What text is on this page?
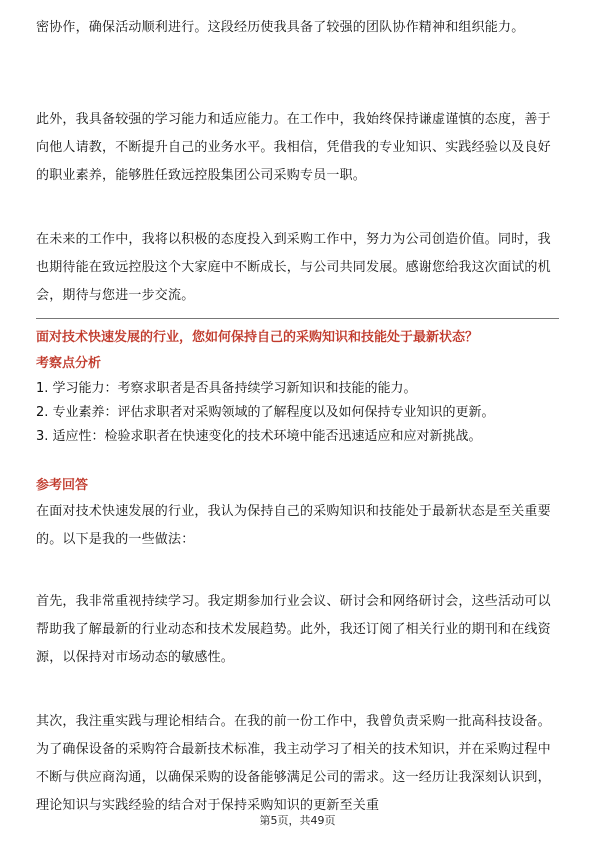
密协作，确保活动顺利进行。这段经历使我具备了较强的团队协作精神和组织能力。

此外，我具备较强的学习能力和适应能力。在工作中，我始终保持谦虚谨慎的态度，善于向他人请教，不断提升自己的业务水平。我相信，凭借我的专业知识、实践经验以及良好的职业素养，能够胜任致远控股集团公司采购专员一职。

在未来的工作中，我将以积极的态度投入到采购工作中，努力为公司创造价值。同时，我也期待能在致远控股这个大家庭中不断成长，与公司共同发展。感谢您给我这次面试的机会，期待与您进一步交流。

面对技术快速发展的行业，您如何保持自己的采购知识和技能处于最新状态？

考察点分析

1. 学习能力：考察求职者是否具备持续学习新知识和技能的能力。
2. 专业素养：评估求职者对采购领域的了解程度以及如何保持专业知识的更新。
3. 适应性：检验求职者在快速变化的技术环境中能否迅速适应和应对新挑战。

参考回答

在面对技术快速发展的行业，我认为保持自己的采购知识和技能处于最新状态是至关重要的。以下是我的一些做法：

首先，我非常重视持续学习。我定期参加行业会议、研讨会和网络研讨会，这些活动可以帮助我了解最新的行业动态和技术发展趋势。此外，我还订阅了相关行业的期刊和在线资源，以保持对市场动态的敏感性。

其次，我注重实践与理论相结合。在我的前一份工作中，我曾负责采购一批高科技设备。为了确保设备的采购符合最新技术标准，我主动学习了相关的技术知识，并在采购过程中不断与供应商沟通，以确保采购的设备能够满足公司的需求。这一经历让我深刻认识到，理论知识与实践经验的结合对于保持采购知识的更新至关重

第5页，共49页
